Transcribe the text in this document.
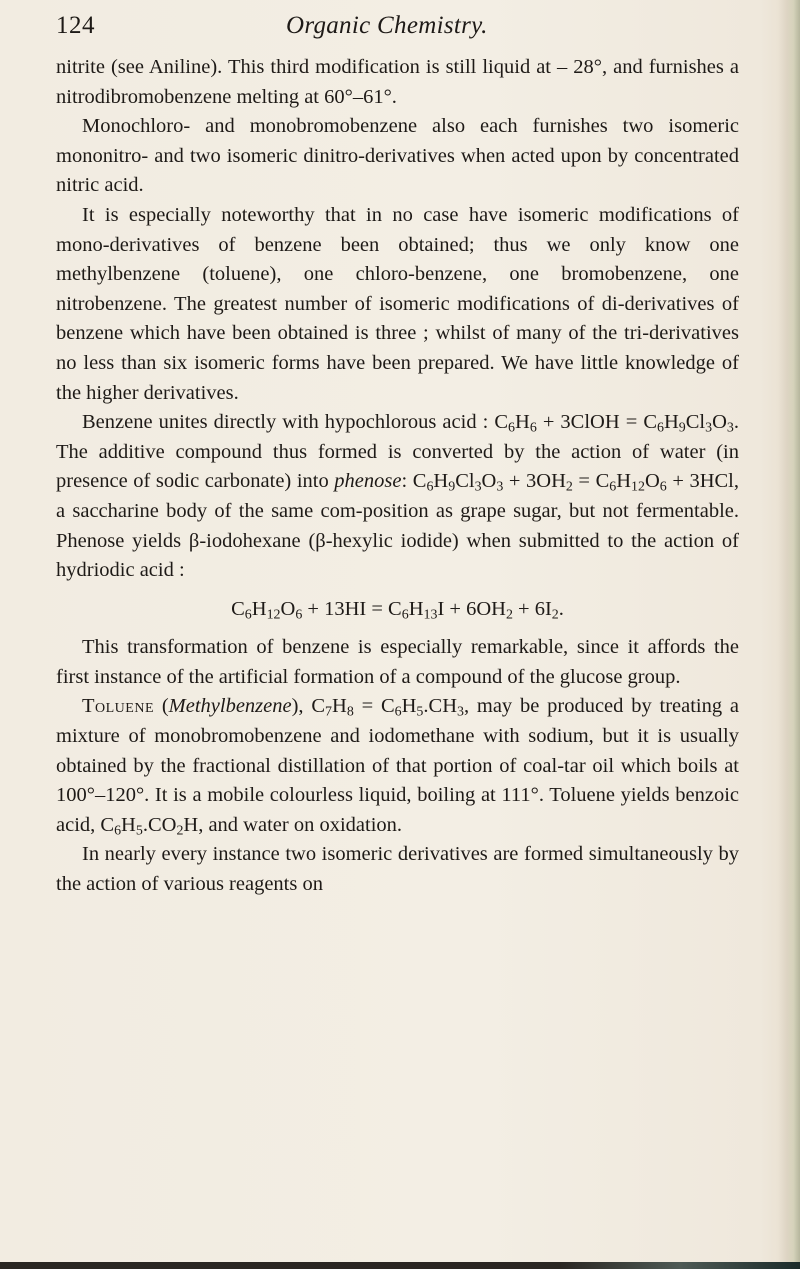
124	Organic Chemistry.

nitrite (see Aniline). This third modification is still liquid at – 28°, and furnishes a nitrodibromobenzene melting at 60°–61°.

Monochloro- and monobromobenzene also each furnishes two isomeric mononitro- and two isomeric dinitro-derivatives when acted upon by concentrated nitric acid.

It is especially noteworthy that in no case have isomeric modifications of mono-derivatives of benzene been obtained; thus we only know one methylbenzene (toluene), one chloro-benzene, one bromobenzene, one nitrobenzene. The greatest number of isomeric modifications of di-derivatives of benzene which have been obtained is three ; whilst of many of the tri-derivatives no less than six isomeric forms have been prepared. We have little knowledge of the higher derivatives.

Benzene unites directly with hypochlorous acid : $C_6H_6$ + 3ClOH = $C_6H_9Cl_3O_3$. The additive compound thus formed is converted by the action of water (in presence of sodic carbonate) into phenose: $C_6H_9Cl_3O_3 + 3OH_2 = C_6H_{12}O_6 + 3HCl$, a saccharine body of the same com-position as grape sugar, but not fermentable. Phenose yields β-iodohexane (β-hexylic iodide) when submitted to the action of hydriodic acid :

$C_6H_{12}O_6 + 13HI = C_6H_{13}I + 6OH_2 + 6I_2$.

This transformation of benzene is especially remarkable, since it affords the first instance of the artificial formation of a compound of the glucose group.

Toluene (Methylbenzene), $C_7H_8 = C_6H_5.CH_3$, may be produced by treating a mixture of monobromobenzene and iodomethane with sodium, but it is usually obtained by the fractional distillation of that portion of coal-tar oil which boils at 100°–120°. It is a mobile colourless liquid, boiling at 111°. Toluene yields benzoic acid, $C_6H_5.CO_2H$, and water on oxidation.

In nearly every instance two isomeric derivatives are formed simultaneously by the action of various reagents on
